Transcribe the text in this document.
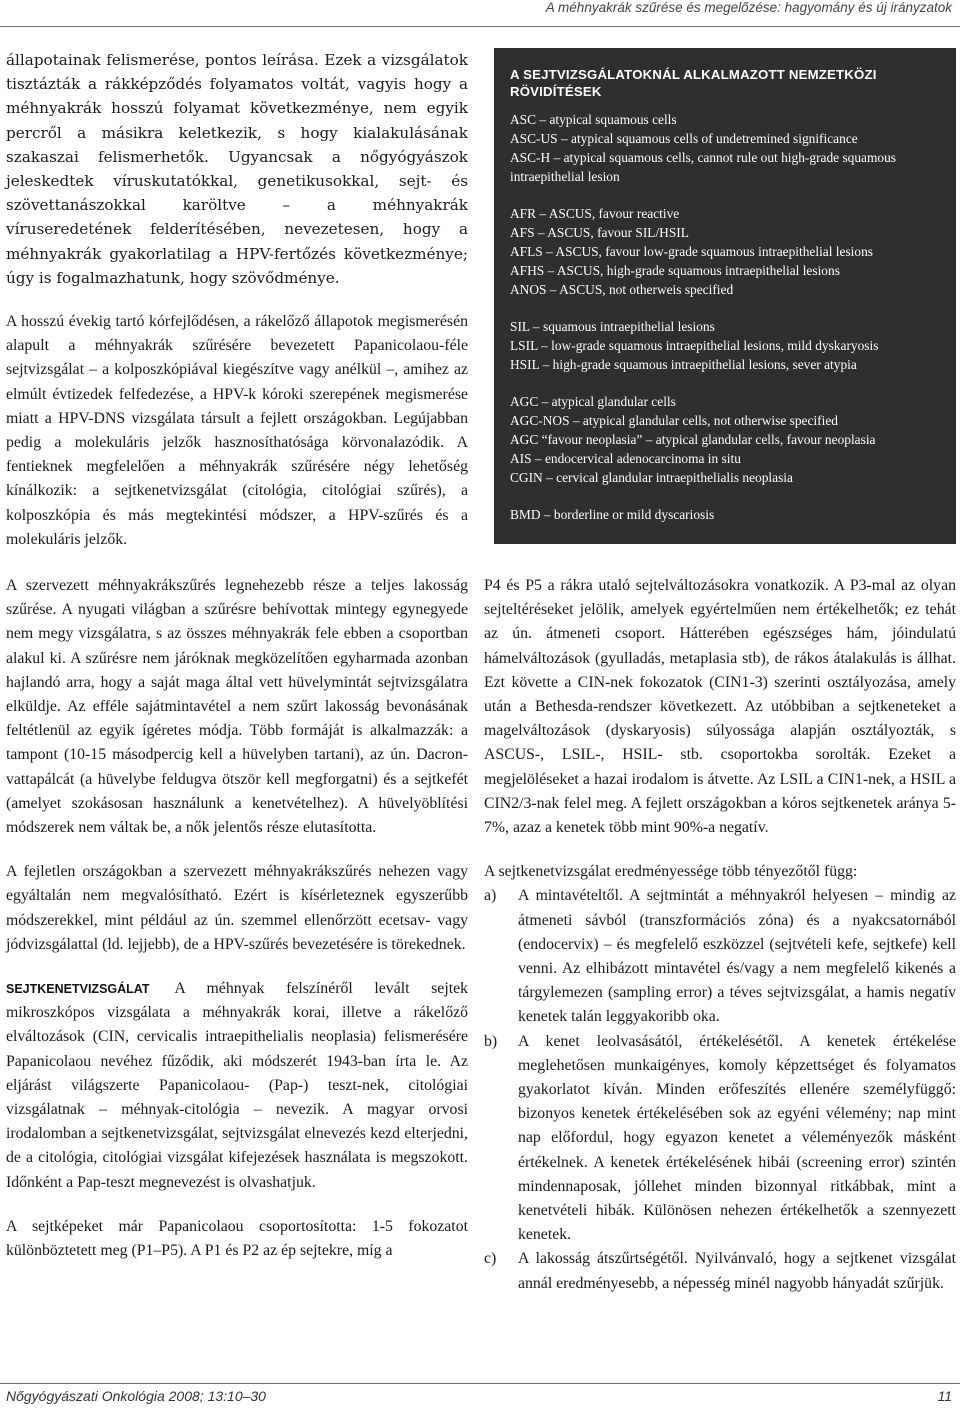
A méhnyakrák szűrése és megelőzése: hagyomány és új irányzatok

állapotainak felismerése, pontos leírása. Ezek a vizsgálatok tisztázták a rákképződés folyamatos voltát, vagyis hogy a méhnyakrák hosszú folyamat következménye, nem egyik percről a másikra keletkezik, s hogy kialakulásának szakaszai felismerhetők. Ugyancsak a nőgyógyászok jeleskedtek víruskutatókkal, genetikusokkal, sejt- és szövettanászokkal karöltve – a méhnyakrák víruseredetének felderítésében, nevezetesen, hogy a méhnyakrák gyakorlatilag a HPV-fertőzés következménye; úgy is fogalmazhatunk, hogy szövődménye.

A hosszú évekig tartó kórfejlődésen, a rákelőző állapotok megismerésén alapult a méhnyakrák szűrésére bevezetett Papanicolaou-féle sejtvizsgálat – a kolposzkópiával kiegészítve vagy anélkül –, amihez az elmúlt évtizedek felfedezése, a HPV-k kóroki szerepének megismerése miatt a HPV-DNS vizsgálata társult a fejlett országokban. Legújabban pedig a molekuláris jelzők hasznosíthatósága körvonalazódik. A fentieknek megfelelően a méhnyakrák szűrésére négy lehetőség kínálkozik: a sejtkenetvizsgálat (citológia, citológiai szűrés), a kolposzkópia és más megtekintési módszer, a HPV-szűrés és a molekuláris jelzők.

A SEJTVIZSGÁLATOKNÁL ALKALMAZOTT NEMZETKÖZI RÖVIDÍTÉSEK
ASC – atypical squamous cells
ASC-US – atypical squamous cells of undetremined significance
ASC-H – atypical squamous cells, cannot rule out high-grade squamous intraepithelial lesion
AFR – ASCUS, favour reactive
AFS – ASCUS, favour SIL/HSIL
AFLS – ASCUS, favour low-grade squamous intraepithelial lesions
AFHS – ASCUS, high-grade squamous intraepithelial lesions
ANOS – ASCUS, not otherweis specified
SIL – squamous intraepithelial lesions
LSIL – low-grade squamous intraepithelial lesions, mild dyskaryosis
HSIL – high-grade squamous intraepithelial lesions, sever atypia
AGC – atypical glandular cells
AGC-NOS – atypical glandular cells, not otherwise specified
AGC “favour neoplasia” – atypical glandular cells, favour neoplasia
AIS – endocervical adenocarcinoma in situ
CGIN – cervical glandular intraepithelialis neoplasia
BMD – borderline or mild dyscariosis

A szervezett méhnyakrákszűrés legnehezebb része a teljes lakosság szűrése. A nyugati világban a szűrésre behívottak mintegy egynegyede nem megy vizsgálatra, s az összes méhnyakrák fele ebben a csoportban alakul ki. A szűrésre nem járóknak megközelítően egyharmada azonban hajlandó arra, hogy a saját maga által vett hüvelymintát sejtvizsgálatra elküldje. Az efféle sajátmintavétel a nem szűrt lakosság bevonásának feltétlenül az egyik ígéretes módja. Több formáját is alkalmazzák: a tampont (10-15 másodpercig kell a hüvelyben tartani), az ún. Dacron-vattapálcát (a hüvelybe feldugva ötször kell megforgatni) és a sejtkefét (amelyet szokásosan használunk a kenetvételhez). A hüvelyöblítési módszerek nem váltak be, a nők jelentős része elutasította.

A fejletlen országokban a szervezett méhnyakrákszűrés nehezen vagy egyáltalán nem megvalósítható. Ezért is kísérleteznek egyszerűbb módszerekkel, mint például az ún. szemmel ellenőrzött ecetsav- vagy jódvizsgálattal (ld. lejjebb), de a HPV-szűrés bevezetésére is törekednek.

SEJTKENETVIZSGÁLAT A méhnyak felszínéről levált sejtek mikroszkópos vizsgálata a méhnyakrák korai, illetve a rákelőző elváltozások (CIN, cervicalis intraepithelialis neoplasia) felismerésére Papanicolaou nevéhez fűződik, aki módszerét 1943-ban írta le. Az eljárást világszerte Papanicolaou- (Pap-) teszt-nek, citológiai vizsgálatnak – méhnyak-citológia – nevezik. A magyar orvosi irodalomban a sejtkenetvizsgálat, sejtvizsgálat elnevezés kezd elterjedni, de a citológia, citológiai vizsgálat kifejezések használata is megszokott. Időnként a Pap-teszt megnevezést is olvashatjuk.

A sejtképeket már Papanicolaou csoportosította: 1-5 fokozatot különböztetett meg (P1–P5). A P1 és P2 az ép sejtekre, míg a

P4 és P5 a rákra utaló sejtelváltozásokra vonatkozik. A P3-mal az olyan sejteltéréseket jelölik, amelyek egyértelműen nem értékelhetők; ez tehát az ún. átmeneti csoport. Hátterében egészséges hám, jóindulatú hámelváltozások (gyulladás, metaplasia stb), de rákos átalakulás is állhat. Ezt követte a CIN-nek fokozatok (CIN1-3) szerinti osztályozása, amely után a Bethesda-rendszer következett. Az utóbbiban a sejtkeneteket a magelváltozások (dyskaryosis) súlyossága alapján osztályozták, s ASCUS-, LSIL-, HSIL- stb. csoportokba sorolták. Ezeket a megjelöléseket a hazai irodalom is átvette. Az LSIL a CIN1-nek, a HSIL a CIN2/3-nak felel meg. A fejlett országokban a kóros sejtkenetek aránya 5-7%, azaz a kenetek több mint 90%-a negatív.

A sejtkenetvizsgálat eredményessége több tényezőtől függ:

a) A mintavételtől. A sejtmintát a méhnyakról helyesen – mindig az átmeneti sávból (transzformációs zóna) és a nyakcsatornából (endocervix) – és megfelelő eszközzel (sejtvételi kefe, sejtkefe) kell venni. Az elhibázott mintavétel és/vagy a nem megfelelő kikenés a tárgylemezen (sampling error) a téves sejtvizsgálat, a hamis negatív kenetek talán leggyakoribb oka.

b) A kenet leolvasásától, értékelésétől. A kenetek értékelése meglehetősen munkaigényes, komoly képzettséget és folyamatos gyakorlatot kíván. Minden erőfeszítés ellenére személyfüggő: bizonyos kenetek értékelésében sok az egyéni vélemény; nap mint nap előfordul, hogy egyazon kenetet a véleményezők másként értékelnek. A kenetek értékelésének hibái (screening error) szintén mindennaposak, jóllehet minden bizonnyal ritkábbak, mint a kenetvételi hibák. Különösen nehezen értékelhetők a szennyezett kenetek.

c) A lakosság átszűrtségétől. Nyilvánvaló, hogy a sejtkenet vizsgálat annál eredményesebb, a népesség minél nagyobb hányadát szűrjük.

Nőgyógyászati Onkológia 2008; 13:10–30	11
